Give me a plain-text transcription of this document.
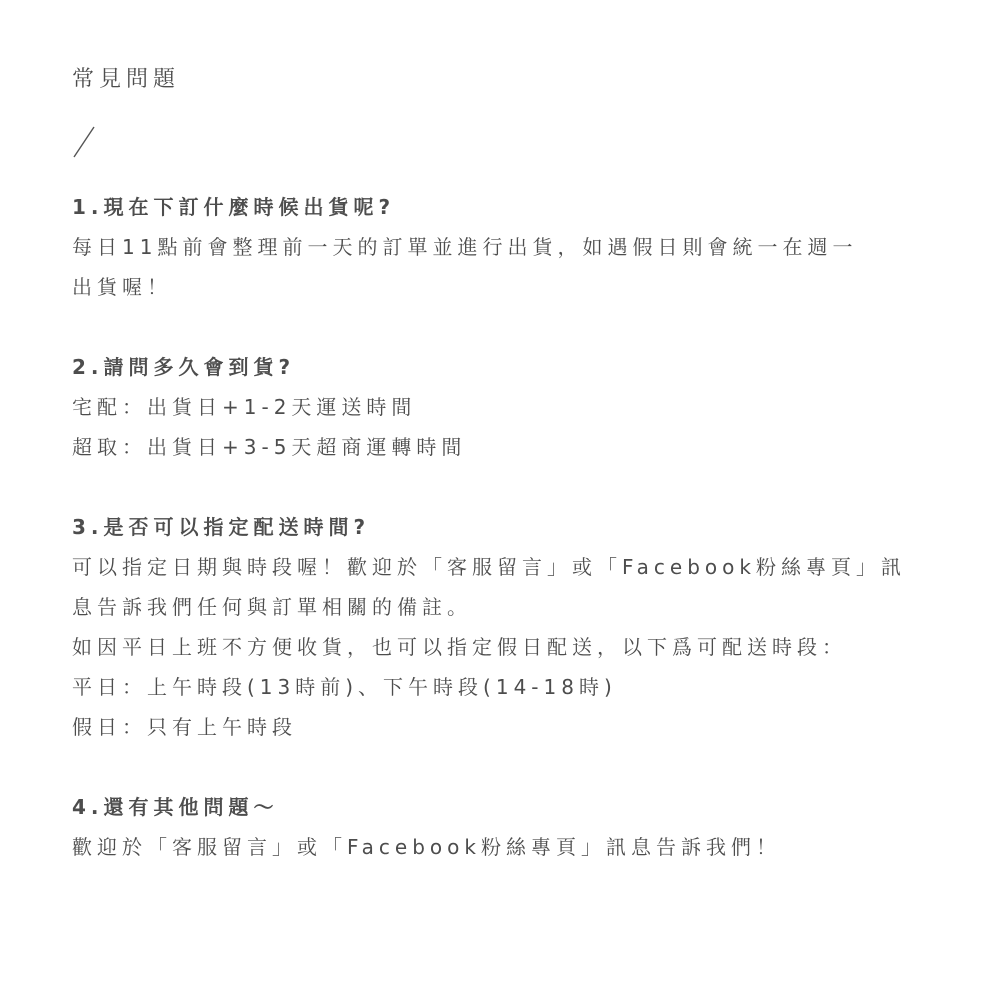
常見問題
1.現在下訂什麼時候出貨呢?
每日11點前會整理前一天的訂單並進行出貨，如遇假日則會統一在週一
出貨喔！
2.請問多久會到貨?
宅配：出貨日+1-2天運送時間
超取：出貨日+3-5天超商運轉時間
3.是否可以指定配送時間?
可以指定日期與時段喔！歡迎於「客服留言」或「Facebook粉絲專頁」訊
息告訴我們任何與訂單相關的備註。
如因平日上班不方便收貨，也可以指定假日配送，以下爲可配送時段：
平日：上午時段(13時前)、下午時段(14-18時)
假日：只有上午時段
4.還有其他問題～
歡迎於「客服留言」或「Facebook粉絲專頁」訊息告訴我們！
